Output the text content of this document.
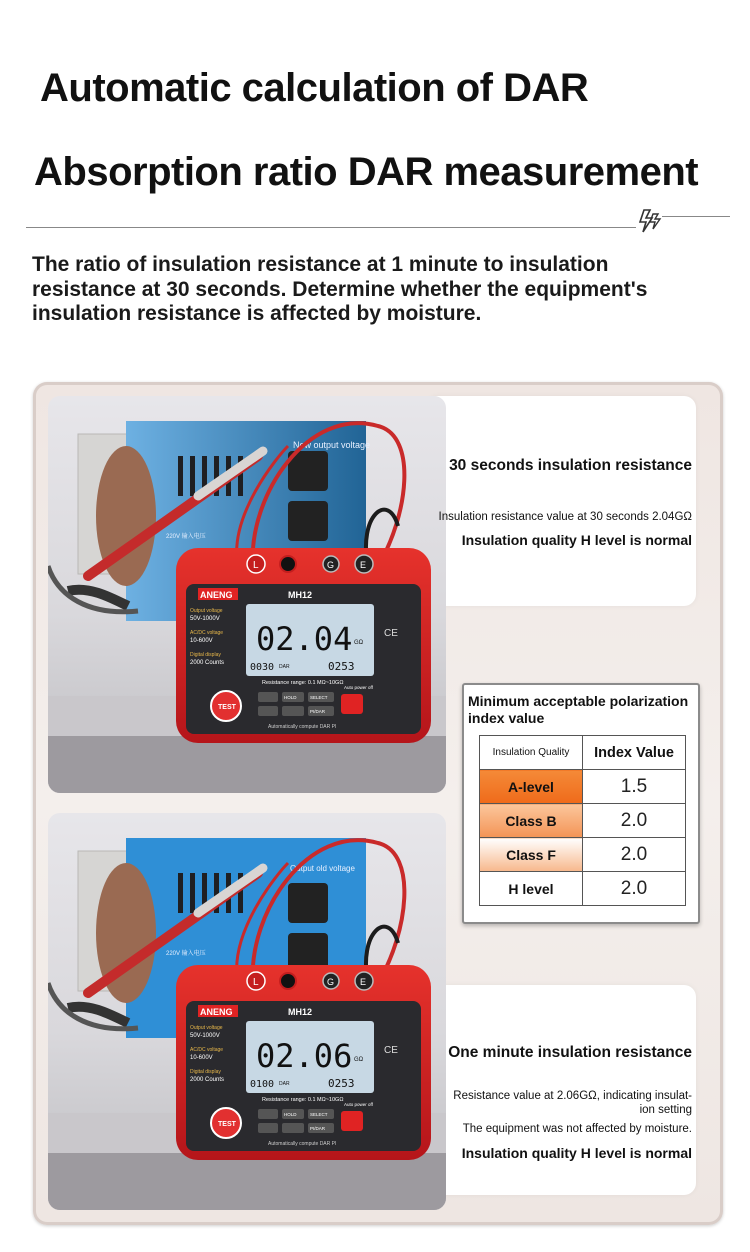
Automatic calculation of DAR
Absorption ratio DAR measurement
The ratio of insulation resistance at 1 minute to insulation resistance at 30 seconds. Determine whether the equipment's insulation resistance is affected by moisture.
New output voltage
220V 输入电压
L	G	E
ANENG	MH12
Output voltage
50V-1000V
AC/DC voltage
10-600V
Digital display
2000 Counts
02.04 GΩ
0030 DAR	0253
CE
Resistance range: 0.1 MΩ~10GΩ
TEST
HOLD	SELECT
PI/DAR
Auto power off
Automatically compute DAR PI
Output old voltage
220V 输入电压
L	G	E
ANENG	MH12
Output voltage
50V-1000V
AC/DC voltage
10-600V
Digital display
2000 Counts
02.06 GΩ
0100 DAR	0253
CE
Resistance range: 0.1 MΩ~10GΩ
TEST
HOLD	SELECT
PI/DAR
Auto power off
Automatically compute DAR PI
30 seconds insulation resistance
Insulation resistance value at 30 seconds 2.04GΩ
Insulation quality H level is normal
Minimum acceptable polarization index value
Insulation Quality	Index Value
A-level	1.5
Class B	2.0
Class F	2.0
H level	2.0
One minute insulation resistance
Resistance value at 2.06GΩ, indicating insulat-
ion setting
The equipment was not affected by moisture.
Insulation quality H level is normal
